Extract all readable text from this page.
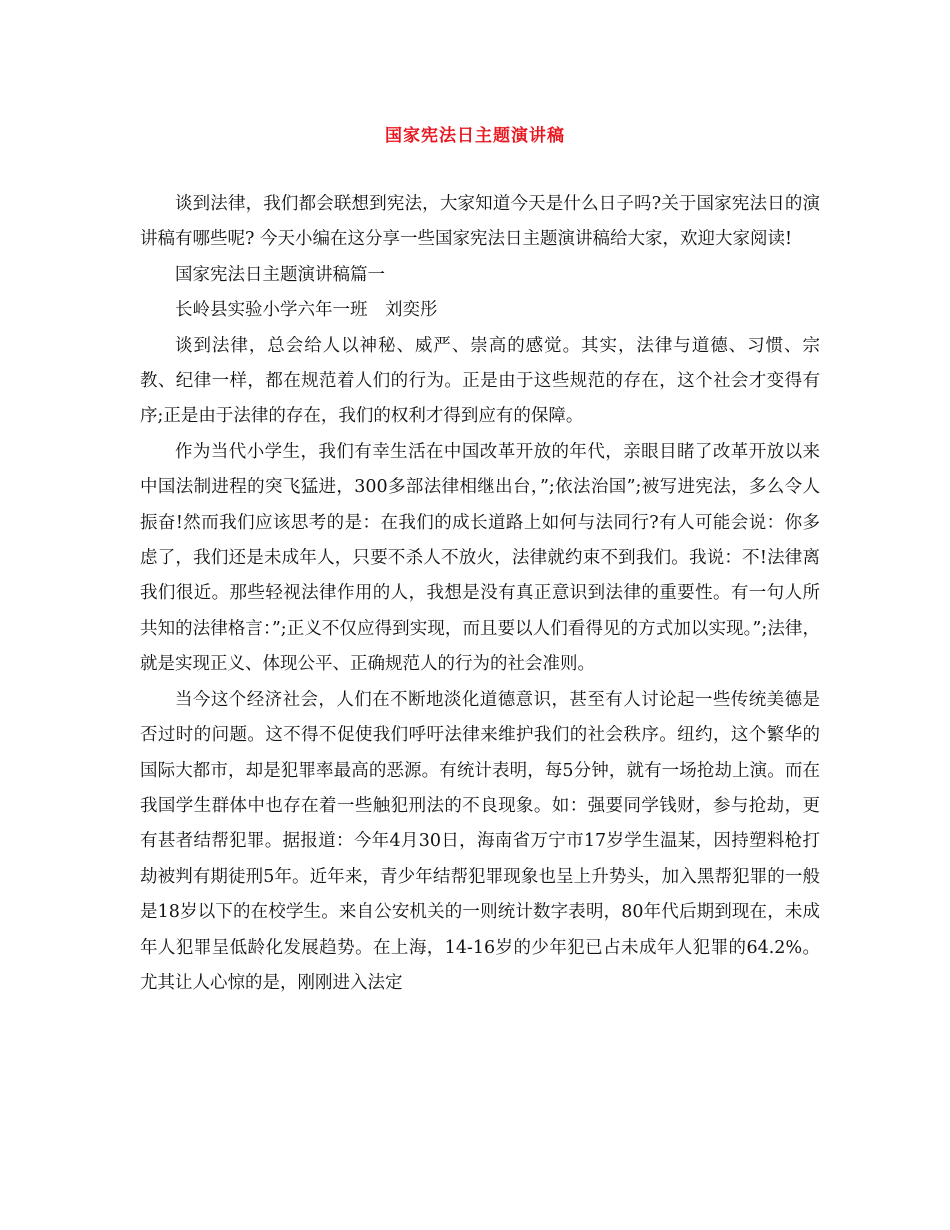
国家宪法日主题演讲稿

谈到法律，我们都会联想到宪法，大家知道今天是什么日子吗?关于国家宪法日的演讲稿有哪些呢? 今天小编在这分享一些国家宪法日主题演讲稿给大家，欢迎大家阅读!

国家宪法日主题演讲稿篇一

长岭县实验小学六年一班　刘奕彤

谈到法律，总会给人以神秘、威严、崇高的感觉。其实，法律与道德、习惯、宗教、纪律一样，都在规范着人们的行为。正是由于这些规范的存在，这个社会才变得有序;正是由于法律的存在，我们的权利才得到应有的保障。

作为当代小学生，我们有幸生活在中国改革开放的年代，亲眼目睹了改革开放以来中国法制进程的突飞猛进，300多部法律相继出台，”;依法治国”;被写进宪法，多么令人振奋!然而我们应该思考的是：在我们的成长道路上如何与法同行?有人可能会说：你多虑了，我们还是未成年人，只要不杀人不放火，法律就约束不到我们。我说：不!法律离我们很近。那些轻视法律作用的人，我想是没有真正意识到法律的重要性。有一句人所共知的法律格言：”;正义不仅应得到实现，而且要以人们看得见的方式加以实现。”;法律，就是实现正义、体现公平、正确规范人的行为的社会准则。

当今这个经济社会，人们在不断地淡化道德意识，甚至有人讨论起一些传统美德是否过时的问题。这不得不促使我们呼吁法律来维护我们的社会秩序。纽约，这个繁华的国际大都市，却是犯罪率最高的恶源。有统计表明，每5分钟，就有一场抢劫上演。而在我国学生群体中也存在着一些触犯刑法的不良现象。如：强要同学钱财，参与抢劫，更有甚者结帮犯罪。据报道：今年4月30日，海南省万宁市17岁学生温某，因持塑料枪打劫被判有期徒刑5年。近年来，青少年结帮犯罪现象也呈上升势头，加入黑帮犯罪的一般是18岁以下的在校学生。来自公安机关的一则统计数字表明，80年代后期到现在，未成年人犯罪呈低龄化发展趋势。在上海，14-16岁的少年犯已占未成年人犯罪的64.2%。尤其让人心惊的是，刚刚进入法定
